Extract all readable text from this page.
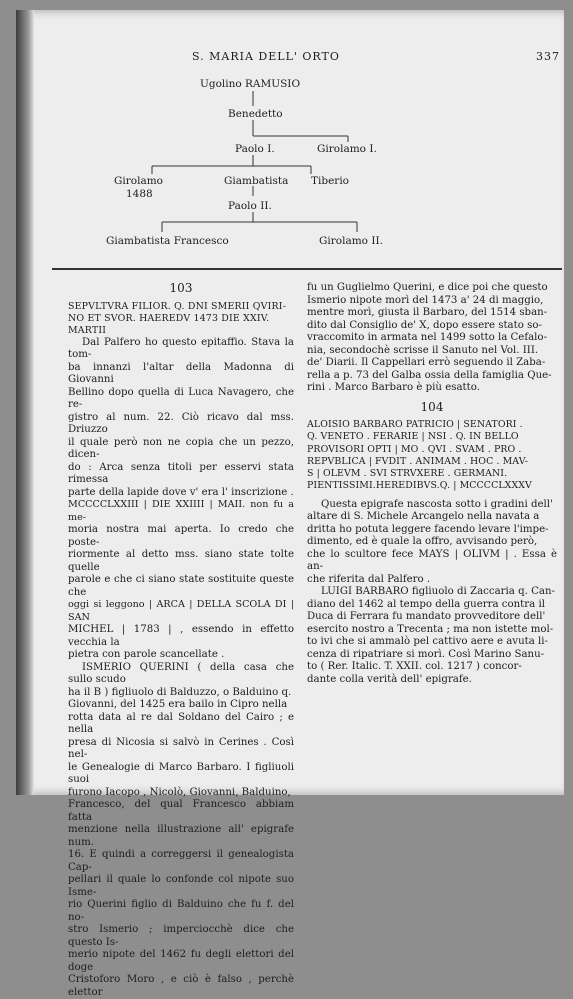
S. MARIA DELL' ORTO	337
Ugolino RAMUSIO
Benedetto
Paolo I.	Girolamo I.
Girolamo
1488
Giambatista Tiberio
Paolo II.
Giambatista Francesco	Girolamo II.
103
SEPVLTVRA FILIOR. Q. DNI SMERII QVIRI-
NO ET SVOR. HAEREDV 1473 DIE XXIV.
MARTII
Dal Palfero ho questo epitaffio. Stava la tom-
ba innanzi l'altar della Madonna di Giovanni
Bellino dopo quella di Luca Navagero, che re-
gistro al num. 22. Ciò ricavo dal mss. Driuzzo
il quale però non ne copia che un pezzo, dicen-
do : Arca senza titoli per esservi stata rimessa
parte della lapide dove v' era l' inscrizione .
MCCCCLXXIII | DIE XXIIII | MAII. non fu a me-
moria nostra mai aperta. Io credo che poste-
riormente al detto mss. siano state tolte quelle
parole e che ci siano state sostituite queste che
oggi si leggono | ARCA | DELLA SCOLA DI | SAN
MICHEL | 1783 | , essendo in effetto vecchia la
pietra con parole scancellate .
ISMERIO QUERINI ( della casa che sullo scudo
ha il B ) figliuolo di Balduzzo, o Balduino q.
Giovanni, del 1425 era bailo in Cipro nella
rotta data al re dal Soldano del Cairo ; e nella
presa di Nicosia si salvò in Cerines . Così nel-
le Genealogie di Marco Barbaro. I figliuoli suoi
furono Iacopo , Nicolò, Giovanni, Balduino,
Francesco, del qual Francesco abbiam fatta
menzione nella illustrazione all' epigrafe num.
16. E quindi a correggersi il genealogista Cap-
pellari il quale lo confonde col nipote suo Isme-
rio Querini figlio di Balduino che fu f. del no-
stro Ismerio ; imperciocchè dice che questo Is-
merio nipote del 1462 fu degli elettori del doge
Cristoforo Moro , e ciò è falso , perchè elettor
fu un Guglielmo Querini, e dice poi che questo
Ismerio nipote morì del 1473 a' 24 di maggio,
mentre morì, giusta il Barbaro, del 1514 sban-
dito dal Consiglio de' X, dopo essere stato so-
vraccomito in armata nel 1499 sotto la Cefalo-
nia, secondochè scrisse il Sanuto nel Vol. III.
de' Diarii. Il Cappellari errò seguendo il Zaba-
rella a p. 73 del Galba ossia della famiglia Que-
rini . Marco Barbaro è più esatto.
104
ALOISIO BARBARO PATRICIO | SENATORI .
Q. VENETO . FERARIE | NSI . Q. IN BELLO
PROVISORI OPTI | MO . QVI . SVAM . PRO .
REPVBLICA | FVDIT . ANIMAM . HOC . MAV-
S | OLEVM . SVI STRVXERE . GERMANI.
PIENTISSIMI.HEREDIBVS.Q. | MCCCCLXXXV
Questa epigrafe nascosta sotto i gradini dell'
altare di S. Michele Arcangelo nella navata a
dritta ho potuta leggere facendo levare l'impe-
dimento, ed è quale la offro, avvisando però,
che lo scultore fece MAYS | OLIVM | . Essa è an-
che riferita dal Palfero .
LUIGI BARBARO figliuolo di Zaccaria q. Can-
diano del 1462 al tempo della guerra contra il
Duca di Ferrara fu mandato provveditore dell'
esercito nostro a Trecenta ; ma non istette mol-
to ivi che si ammalò pel cattivo aere e avuta li-
cenza di ripatriare si morì. Così Marino Sanu-
to ( Rer. Italic. T. XXII. col. 1217 ) concor-
dante colla verità dell' epigrafe.
